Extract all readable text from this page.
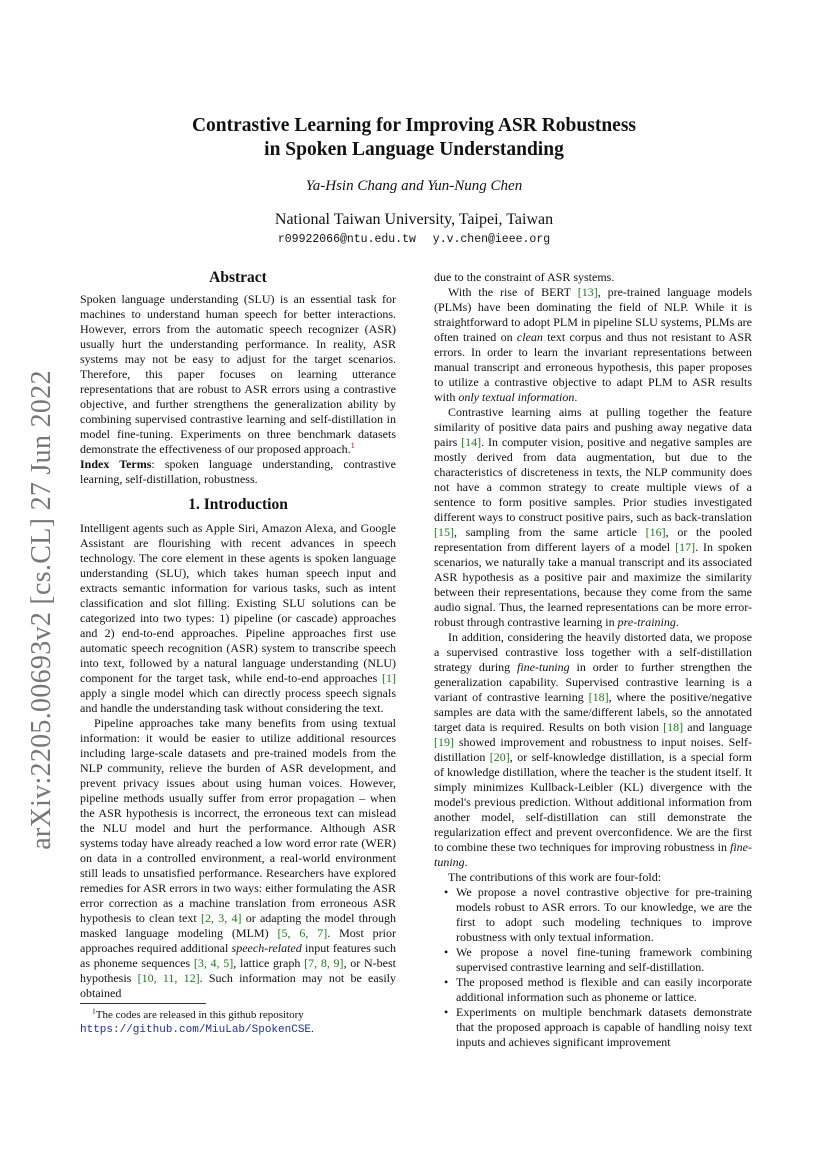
Contrastive Learning for Improving ASR Robustness
in Spoken Language Understanding
Ya-Hsin Chang and Yun-Nung Chen
National Taiwan University, Taipei, Taiwan
r09922066@ntu.edu.tw y.v.chen@ieee.org
arXiv:2205.00693v2 [cs.CL] 27 Jun 2022
Abstract

Spoken language understanding (SLU) is an essential task for machines to understand human speech for better interactions. However, errors from the automatic speech recognizer (ASR) usually hurt the understanding performance. In reality, ASR systems may not be easy to adjust for the target scenarios. Therefore, this paper focuses on learning utterance representations that are robust to ASR errors using a contrastive objective, and further strengthens the generalization ability by combining supervised contrastive learning and self-distillation in model fine-tuning. Experiments on three benchmark datasets demonstrate the effectiveness of our proposed approach.$^1$

Index Terms: spoken language understanding, contrastive learning, self-distillation, robustness.

1. Introduction

Intelligent agents such as Apple Siri, Amazon Alexa, and Google Assistant are flourishing with recent advances in speech technology. The core element in these agents is spoken language understanding (SLU), which takes human speech input and extracts semantic information for various tasks, such as intent classification and slot filling. Existing SLU solutions can be categorized into two types: 1) pipeline (or cascade) approaches and 2) end-to-end approaches. Pipeline approaches first use automatic speech recognition (ASR) system to transcribe speech into text, followed by a natural language understanding (NLU) component for the target task, while end-to-end approaches [1] apply a single model which can directly process speech signals and handle the understanding task without considering the text.

Pipeline approaches take many benefits from using textual information: it would be easier to utilize additional resources including large-scale datasets and pre-trained models from the NLP community, relieve the burden of ASR development, and prevent privacy issues about using human voices. However, pipeline methods usually suffer from error propagation – when the ASR hypothesis is incorrect, the erroneous text can mislead the NLU model and hurt the performance. Although ASR systems today have already reached a low word error rate (WER) on data in a controlled environment, a real-world environment still leads to unsatisfied performance. Researchers have explored remedies for ASR errors in two ways: either formulating the ASR error correction as a machine translation from erroneous ASR hypothesis to clean text [2, 3, 4] or adapting the model through masked language modeling (MLM) [5, 6, 7]. Most prior approaches required additional speech-related input features such as phoneme sequences [3, 4, 5], lattice graph [7, 8, 9], or N-best hypothesis [10, 11, 12]. Such information may not be easily obtained

$^1$The codes are released in this github repository https://github.com/MiuLab/SpokenCSE.

due to the constraint of ASR systems.

With the rise of BERT [13], pre-trained language models (PLMs) have been dominating the field of NLP. While it is straightforward to adopt PLM in pipeline SLU systems, PLMs are often trained on clean text corpus and thus not resistant to ASR errors. In order to learn the invariant representations between manual transcript and erroneous hypothesis, this paper proposes to utilize a contrastive objective to adapt PLM to ASR results with only textual information.

Contrastive learning aims at pulling together the feature similarity of positive data pairs and pushing away negative data pairs [14]. In computer vision, positive and negative samples are mostly derived from data augmentation, but due to the characteristics of discreteness in texts, the NLP community does not have a common strategy to create multiple views of a sentence to form positive samples. Prior studies investigated different ways to construct positive pairs, such as back-translation [15], sampling from the same article [16], or the pooled representation from different layers of a model [17]. In spoken scenarios, we naturally take a manual transcript and its associated ASR hypothesis as a positive pair and maximize the similarity between their representations, because they come from the same audio signal. Thus, the learned representations can be more error-robust through contrastive learning in pre-training.

In addition, considering the heavily distorted data, we propose a supervised contrastive loss together with a self-distillation strategy during fine-tuning in order to further strengthen the generalization capability. Supervised contrastive learning is a variant of contrastive learning [18], where the positive/negative samples are data with the same/different labels, so the annotated target data is required. Results on both vision [18] and language [19] showed improvement and robustness to input noises. Self-distillation [20], or self-knowledge distillation, is a special form of knowledge distillation, where the teacher is the student itself. It simply minimizes Kullback-Leibler (KL) divergence with the model's previous prediction. Without additional information from another model, self-distillation can still demonstrate the regularization effect and prevent overconfidence. We are the first to combine these two techniques for improving robustness in fine-tuning.

The contributions of this work are four-fold:

• We propose a novel contrastive objective for pre-training models robust to ASR errors. To our knowledge, we are the first to adopt such modeling techniques to improve robustness with only textual information.
• We propose a novel fine-tuning framework combining supervised contrastive learning and self-distillation.
• The proposed method is flexible and can easily incorporate additional information such as phoneme or lattice.
• Experiments on multiple benchmark datasets demonstrate that the proposed approach is capable of handling noisy text inputs and achieves significant improvement
